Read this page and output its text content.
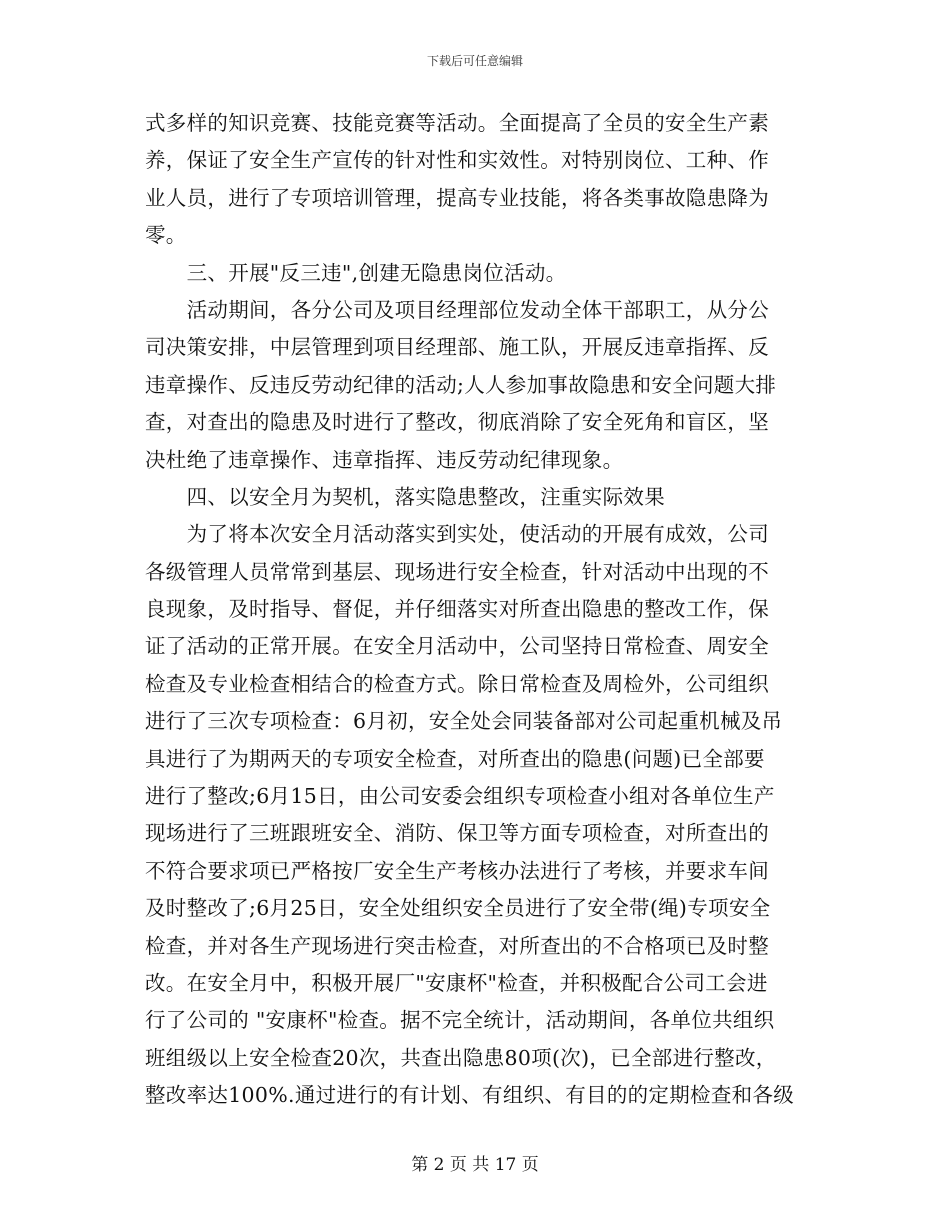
下载后可任意编辑
式多样的知识竞赛、技能竞赛等活动。全面提高了全员的安全生产素
养，保证了安全生产宣传的针对性和实效性。对特别岗位、工种、作
业人员，进行了专项培训管理，提高专业技能，将各类事故隐患降为
零。
　　三、开展"反三违",创建无隐患岗位活动。
　　活动期间，各分公司及项目经理部位发动全体干部职工，从分公
司决策安排，中层管理到项目经理部、施工队，开展反违章指挥、反
违章操作、反违反劳动纪律的活动;人人参加事故隐患和安全问题大排
查，对查出的隐患及时进行了整改，彻底消除了安全死角和盲区，坚
决杜绝了违章操作、违章指挥、违反劳动纪律现象。
　　四、以安全月为契机，落实隐患整改，注重实际效果
　　为了将本次安全月活动落实到实处，使活动的开展有成效，公司
各级管理人员常常到基层、现场进行安全检查，针对活动中出现的不
良现象，及时指导、督促，并仔细落实对所查出隐患的整改工作，保
证了活动的正常开展。在安全月活动中，公司坚持日常检查、周安全
检查及专业检查相结合的检查方式。除日常检查及周检外，公司组织
进行了三次专项检查：6月初，安全处会同装备部对公司起重机械及吊
具进行了为期两天的专项安全检查，对所查出的隐患(问题)已全部要
进行了整改;6月15日，由公司安委会组织专项检查小组对各单位生产
现场进行了三班跟班安全、消防、保卫等方面专项检查，对所查出的
不符合要求项已严格按厂安全生产考核办法进行了考核，并要求车间
及时整改了;6月25日，安全处组织安全员进行了安全带(绳)专项安全
检查，并对各生产现场进行突击检查，对所查出的不合格项已及时整
改。在安全月中，积极开展厂"安康杯"检查，并积极配合公司工会进
行了公司的 "安康杯"检查。据不完全统计，活动期间，各单位共组织
班组级以上安全检查20次，共查出隐患80项(次)，已全部进行整改，
整改率达100%.通过进行的有计划、有组织、有目的的定期检查和各级
第 2 页 共 17 页
